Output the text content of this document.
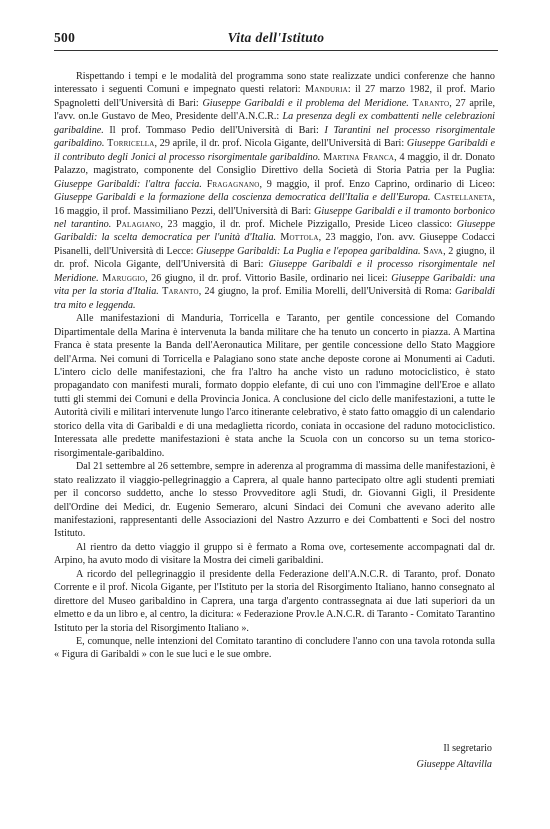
500	Vita dell'Istituto

Rispettando i tempi e le modalità del programma sono state realizzate undici conferenze che hanno interessato i seguenti Comuni e impegnato questi relatori: Manduria: il 27 marzo 1982, il prof. Mario Spagnoletti dell'Università di Bari: Giuseppe Garibaldi e il problema del Meridione. Taranto, 27 aprile, l'avv. on.le Gustavo de Meo, Presidente dell'A.N.C.R.: La presenza degli ex combattenti nelle celebrazioni garibaldine. Il prof. Tommaso Pedio dell'Università di Bari: I Tarantini nel processo risorgimentale garibaldino. Torricella, 29 aprile, il dr. prof. Nicola Gigante, dell'Università di Bari: Giuseppe Garibaldi e il contributo degli Jonici al processo risorgimentale garibaldino. Martina Franca, 4 maggio, il dr. Donato Palazzo, magistrato, componente del Consiglio Direttivo della Società di Storia Patria per la Puglia: Giuseppe Garibaldi: l'altra faccia. Fragagnano, 9 maggio, il prof. Enzo Caprino, ordinario di Liceo: Giuseppe Garibaldi e la formazione della coscienza democratica dell'Italia e dell'Europa. Castellaneta, 16 maggio, il prof. Massimiliano Pezzi, dell'Università di Bari: Giuseppe Garibaldi e il tramonto borbonico nel tarantino. Palagiano, 23 maggio, il dr. prof. Michele Pizzigallo, Preside Liceo classico: Giuseppe Garibaldi: la scelta democratica per l'unità d'Italia. Mottola, 23 maggio, l'on. avv. Giuseppe Codacci Pisanelli, dell'Università di Lecce: Giuseppe Garibaldi: La Puglia e l'epopea garibaldina. Sava, 2 giugno, il dr. prof. Nicola Gigante, dell'Università di Bari: Giuseppe Garibaldi e il processo risorgimentale nel Meridione. Maruggio, 26 giugno, il dr. prof. Vittorio Basile, ordinario nei licei: Giuseppe Garibaldi: una vita per la storia d'Italia. Taranto, 24 giugno, la prof. Emilia Morelli, dell'Università di Roma: Garibaldi tra mito e leggenda.

Alle manifestazioni di Manduria, Torricella e Taranto, per gentile concessione del Comando Dipartimentale della Marina è intervenuta la banda militare che ha tenuto un concerto in piazza. A Martina Franca è stata presente la Banda dell'Aeronautica Militare, per gentile concessione dello Stato Maggiore dell'Arma. Nei comuni di Torricella e Palagiano sono state anche deposte corone ai Monumenti ai Caduti. L'intero ciclo delle manifestazioni, che fra l'altro ha anche visto un raduno motociclistico, è stato propagandato con manifesti murali, formato doppio elefante, di cui uno con l'immagine dell'Eroe e allato tutti gli stemmi dei Comuni e della Provincia Jonica. A conclusione del ciclo delle manifestazioni, a tutte le Autorità civili e militari intervenute lungo l'arco itinerante celebrativo, è stato fatto omaggio di un calendario storico della vita di Garibaldi e di una medaglietta ricordo, coniata in occasione del raduno motociclistico. Interessata alle predette manifestazioni è stata anche la Scuola con un concorso su un tema storico-risorgimentale-garibaldino.

Dal 21 settembre al 26 settembre, sempre in aderenza al programma di massima delle manifestazioni, è stato realizzato il viaggio-pellegrinaggio a Caprera, al quale hanno partecipato oltre agli studenti premiati per il concorso suddetto, anche lo stesso Provveditore agli Studi, dr. Giovanni Gigli, il Presidente dell'Ordine dei Medici, dr. Eugenio Semeraro, alcuni Sindaci dei Comuni che avevano aderito alle manifestazioni, rappresentanti delle Associazioni del Nastro Azzurro e dei Combattenti e Soci del nostro Istituto.

Al rientro da detto viaggio il gruppo si è fermato a Roma ove, cortesemente accompagnati dal dr. Arpino, ha avuto modo di visitare la Mostra dei cimeli garibaldini.

A ricordo del pellegrinaggio il presidente della Federazione dell'A.N.C.R. di Taranto, prof. Donato Corrente e il prof. Nicola Gigante, per l'Istituto per la storia del Risorgimento Italiano, hanno consegnato al direttore del Museo garibaldino in Caprera, una targa d'argento contrassegnata ai due lati superiori da un elmetto e da un libro e, al centro, la dicitura: « Federazione Prov.le A.N.C.R. di Taranto - Comitato Tarantino Istituto per la storia del Risorgimento Italiano ».

E, comunque, nelle intenzioni del Comitato tarantino di concludere l'anno con una tavola rotonda sulla « Figura di Garibaldi » con le sue luci e le sue ombre.

Il segretario
Giuseppe Altavilla
